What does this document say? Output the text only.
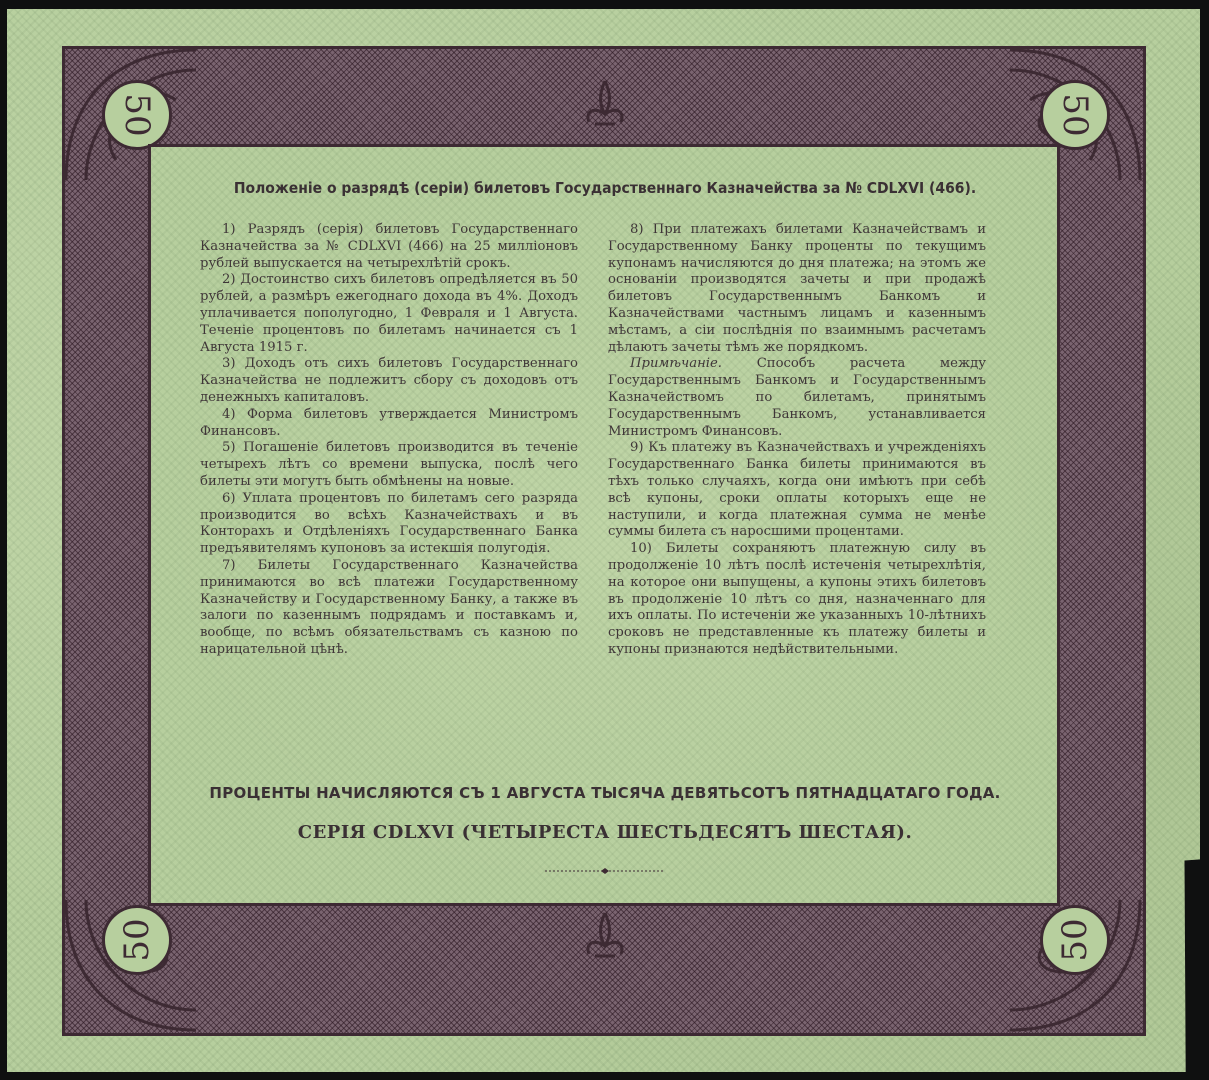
50	50
50	50
Положенiе о разрядѣ (серiи) билетовъ Государственнаго Казначейства за № CDLXVI (466).

1) Разрядъ (серiя) билетовъ Государственнаго Казначейства за № CDLXVI (466) на 25 миллiоновъ рублей выпускается на четырехлѣтiй срокъ.

2) Достоинство сихъ билетовъ опредѣляется въ 50 рублей, а размѣръ ежегоднаго дохода въ 4%. Доходъ уплачивается пополугодно, 1 Февраля и 1 Августа. Теченiе процентовъ по билетамъ начинается съ 1 Августа 1915 г.

3) Доходъ отъ сихъ билетовъ Государственнаго Казначейства не подлежитъ сбору съ доходовъ отъ денежныхъ капиталовъ.

4) Форма билетовъ утверждается Министромъ Финансовъ.

5) Погашенiе билетовъ производится въ теченiе четырехъ лѣтъ со времени выпуска, послѣ чего билеты эти могутъ быть обмѣнены на новые.

6) Уплата процентовъ по билетамъ сего разряда производится во всѣхъ Казначействахъ и въ Конторахъ и Отдѣленiяхъ Государственнаго Банка предъявителямъ купоновъ за истекшiя полугодiя.

7) Билеты Государственнаго Казначейства принимаются во всѣ платежи Государственному Казначейству и Государственному Банку, а также въ залоги по казеннымъ подрядамъ и поставкамъ и, вообще, по всѣмъ обязательствамъ съ казною по нарицательной цѣнѣ.

8) При платежахъ билетами Казначействамъ и Государственному Банку проценты по текущимъ купонамъ начисляются до дня платежа; на этомъ же основанiи производятся зачеты и при продажѣ билетовъ Государственнымъ Банкомъ и Казначействами частнымъ лицамъ и казеннымъ мѣстамъ, а сiи послѣднiя по взаимнымъ расчетамъ дѣлаютъ зачеты тѣмъ же порядкомъ.

Примѣчанiе.	Способъ расчета между Государственнымъ Банкомъ и Государственнымъ Казначействомъ по билетамъ, принятымъ Государственнымъ Банкомъ, устанавливается Министромъ Финансовъ.

9) Къ платежу въ Казначействахъ и учрежденiяхъ Государственнаго Банка билеты принимаются въ тѣхъ только случаяхъ, когда они имѣютъ при себѣ всѣ купоны, сроки оплаты которыхъ еще не наступили, и когда платежная сумма не менѣе суммы билета съ наросшими процентами.

10) Билеты сохраняютъ платежную силу въ продолженiе 10 лѣтъ послѣ истеченiя четырехлѣтiя, на которое они выпущены, а купоны этихъ билетовъ въ продолженiе 10 лѣтъ со дня, назначеннаго для ихъ оплаты. По истеченiи же указанныхъ 10-лѣтнихъ сроковъ не представленные къ платежу билеты и купоны признаются недѣйствительными.

ПРОЦЕНТЫ НАЧИСЛЯЮТСЯ СЪ 1 АВГУСТА ТЫСЯЧА ДЕВЯТЬСОТЪ ПЯТНАДЦАТАГО ГОДА.
СЕРIЯ CDLXVI (ЧЕТЫРЕСТА ШЕСТЬДЕСЯТЪ ШЕСТАЯ).
